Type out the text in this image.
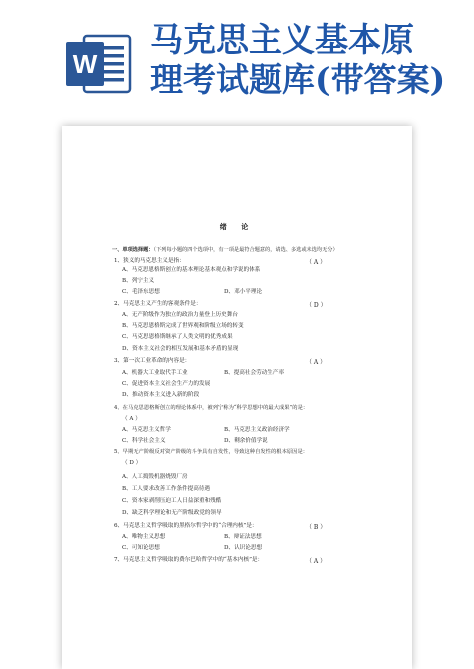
W
马克思主义基本原
理考试题库(带答案)
绪 论
一、单项选择题：（下列每小题的四个选项中，有一项是最符合题意的，请选、多选或未选均无分）
1、狭义的马克思主义是指：	（ A ）
A、马克思恩格斯创立的基本理论基本观点和学说的体系
B、列宁主义
C、毛泽东思想	D、邓小平理论
2、马克思主义产生的客观条件是：	（ D ）
A、无产阶级作为独立的政治力量登上历史舞台
B、马克思恩格斯完成了世界观和阶级立场的转变
C、马克思恩格斯继承了人类文明的优秀成果
D、资本主义社会的相互发展和基本矛盾的显现
3、第一次工业革命的内容是：	（ A ）
A、机器大工业取代手工业	B、提高社会劳动生产率
C、促进资本主义社会生产力的发展
D、推动资本主义进入新的阶段
4、在马克思恩格斯创立的理论体系中，被列宁称为“科学思想中的最大成果”的是：
（ A ）
A、马克思主义哲学	B、马克思主义政治经济学
C、科学社会主义	D、剩余价值学说
5、早期无产阶级反对资产阶级的斗争具有自发性，导致这种自发性的根本原因是：
（ D ）
A、人工捣毁机器烧毁厂房
B、工人要求改善工作条件提高待遇
C、资本家剥削压迫工人日益深重和残酷
D、缺乏科学理论和无产阶级政党的领导
6、马克思主义哲学吸取的黑格尔哲学中的“合理内核”是：	（ B ）
A、唯物主义思想	B、辩证法思想
C、可知论思想	D、认识论思想
7、马克思主义哲学吸取的费尔巴哈哲学中的“基本内核”是：	（ A ）
